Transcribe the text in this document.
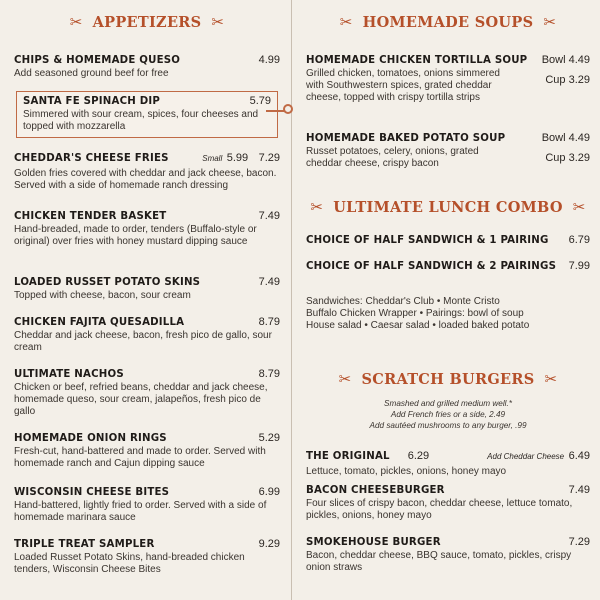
✂ APPETIZERS ✂
CHIPS & HOMEMADE QUESO	4.99
Add seasoned ground beef for free
SANTA FE SPINACH DIP	5.79
Simmered with sour cream, spices, four cheeses and topped with mozzarella
CHEDDAR'S CHEESE FRIES	Small 5.99 7.29
Golden fries covered with cheddar and jack cheese, bacon. Served with a side of homemade ranch dressing
CHICKEN TENDER BASKET	7.49
Hand-breaded, made to order, tenders (Buffalo-style or original) over fries with honey mustard dipping sauce
LOADED RUSSET POTATO SKINS	7.49
Topped with cheese, bacon, sour cream
CHICKEN FAJITA QUESADILLA	8.79
Cheddar and jack cheese, bacon, fresh pico de gallo, sour cream
ULTIMATE NACHOS	8.79
Chicken or beef, refried beans, cheddar and jack cheese, homemade queso, sour cream, jalapeños, fresh pico de gallo
HOMEMADE ONION RINGS	5.29
Fresh-cut, hand-battered and made to order. Served with homemade ranch and Cajun dipping sauce
WISCONSIN CHEESE BITES	6.99
Hand-battered, lightly fried to order. Served with a side of homemade marinara sauce
TRIPLE TREAT SAMPLER	9.29
Loaded Russet Potato Skins, hand-breaded chicken tenders, Wisconsin Cheese Bites
✂ HOMEMADE SOUPS ✂
HOMEMADE CHICKEN TORTILLA SOUP Bowl 4.49
Grilled chicken, tomatoes, onions simmered with Southwestern spices, grated cheddar cheese, topped with crispy tortilla strips
Cup 3.29
HOMEMADE BAKED POTATO SOUP	Bowl 4.49
Russet potatoes, celery, onions, grated cheddar cheese, crispy bacon	Cup 3.29
✂ ULTIMATE LUNCH COMBO ✂
CHOICE OF HALF SANDWICH & 1 PAIRING 6.79
CHOICE OF HALF SANDWICH & 2 PAIRINGS 7.99
Sandwiches: Cheddar's Club • Monte Cristo
Buffalo Chicken Wrapper • Pairings: bowl of soup
House salad • Caesar salad • loaded baked potato
✂ SCRATCH BURGERS ✂
Smashed and grilled medium well.*
Add French fries or a side, 2.49
Add sautéed mushrooms to any burger, .99
THE ORIGINAL 6.29	Add Cheddar Cheese 6.49
Lettuce, tomato, pickles, onions, honey mayo
BACON CHEESEBURGER	7.49
Four slices of crispy bacon, cheddar cheese, lettuce tomato, pickles, onions, honey mayo
SMOKEHOUSE BURGER	7.29
Bacon, cheddar cheese, BBQ sauce, tomato, pickles, crispy onion straws
